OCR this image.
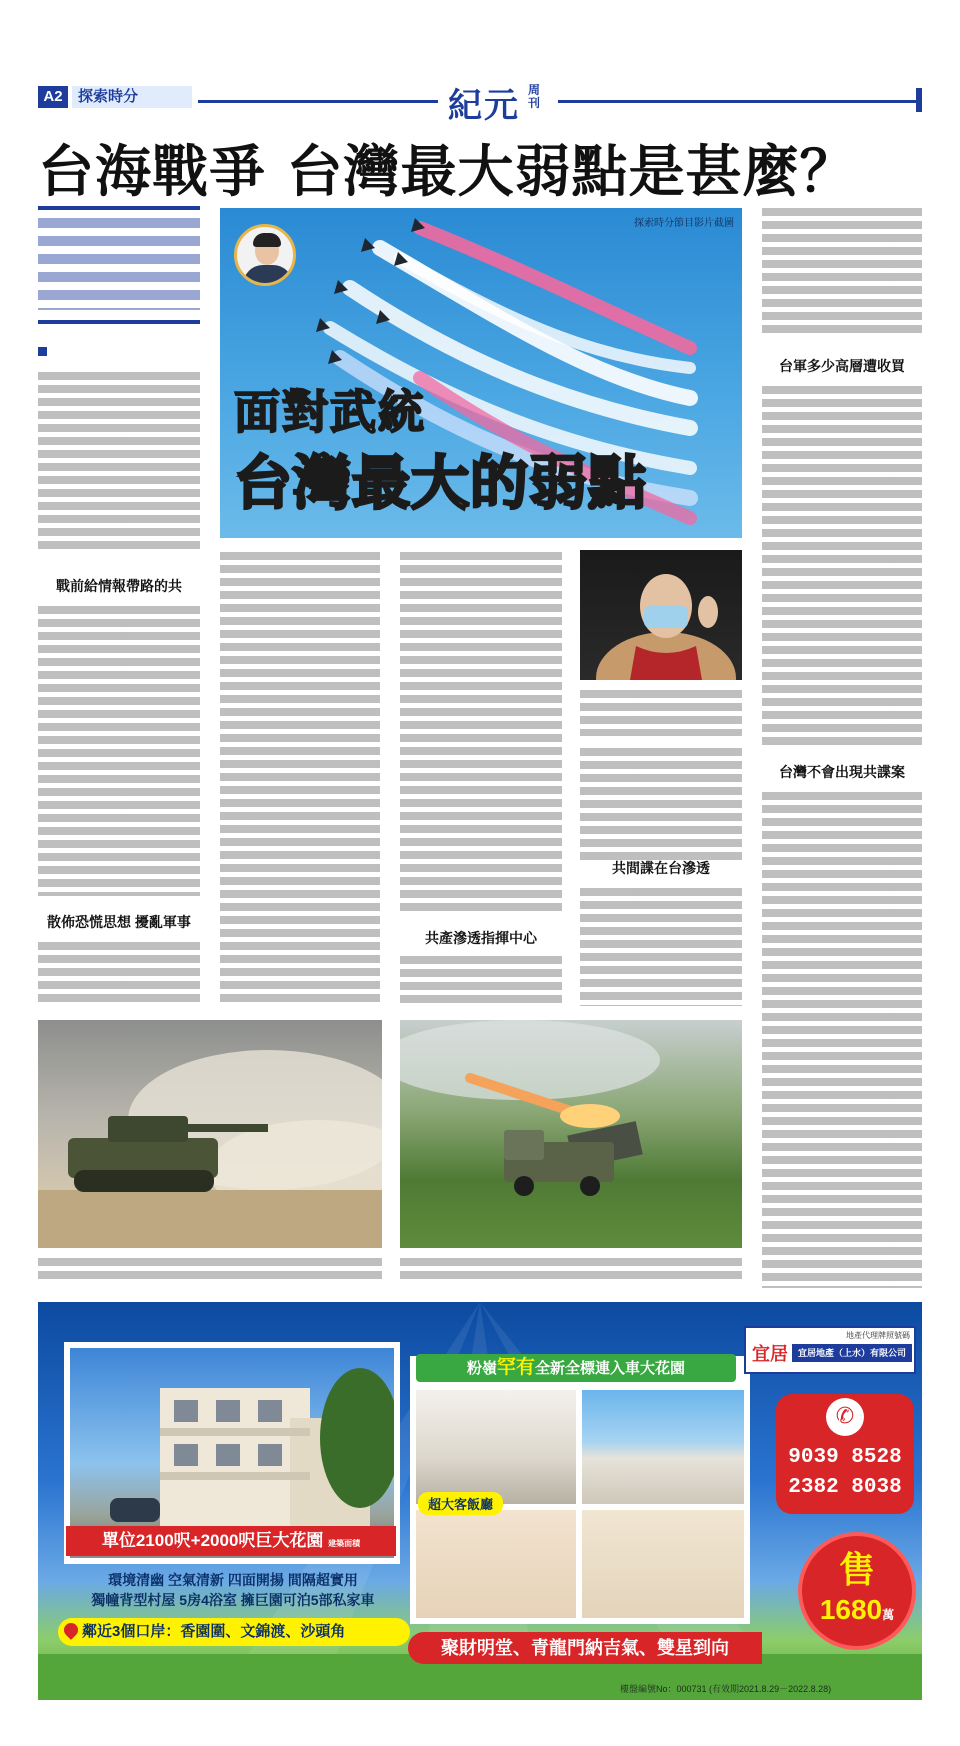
A2	探索時分	紀元 周刊
台海戰爭 台灣最大弱點是甚麼？
戰前給情報帶路的共
散佈恐慌思想 擾亂軍事
探索時分節目影片截圖
面對武統
台灣最大的弱點
共產滲透指揮中心
共間諜在台滲透
台軍多少高層遭收買
台灣不會出現共諜案
單位2100呎+2000呎巨大花園 建築面積
環境清幽 空氣清新 四面開揚 間隔超實用
獨幢背型村屋 5房4浴室 擁巨園可泊5部私家車
鄰近3個口岸：香園圍、文錦渡、沙頭角
粉嶺罕有全新全標連入車大花園
超大客飯廳
聚財明堂、青龍門納吉氣、雙星到向
地產代理牌照號碼
宜居	宜居地產（上水）有限公司
✆
9039 8528
2382 8038
售
1680萬
樓盤編號No：000731 (有效期2021.8.29－2022.8.28)
